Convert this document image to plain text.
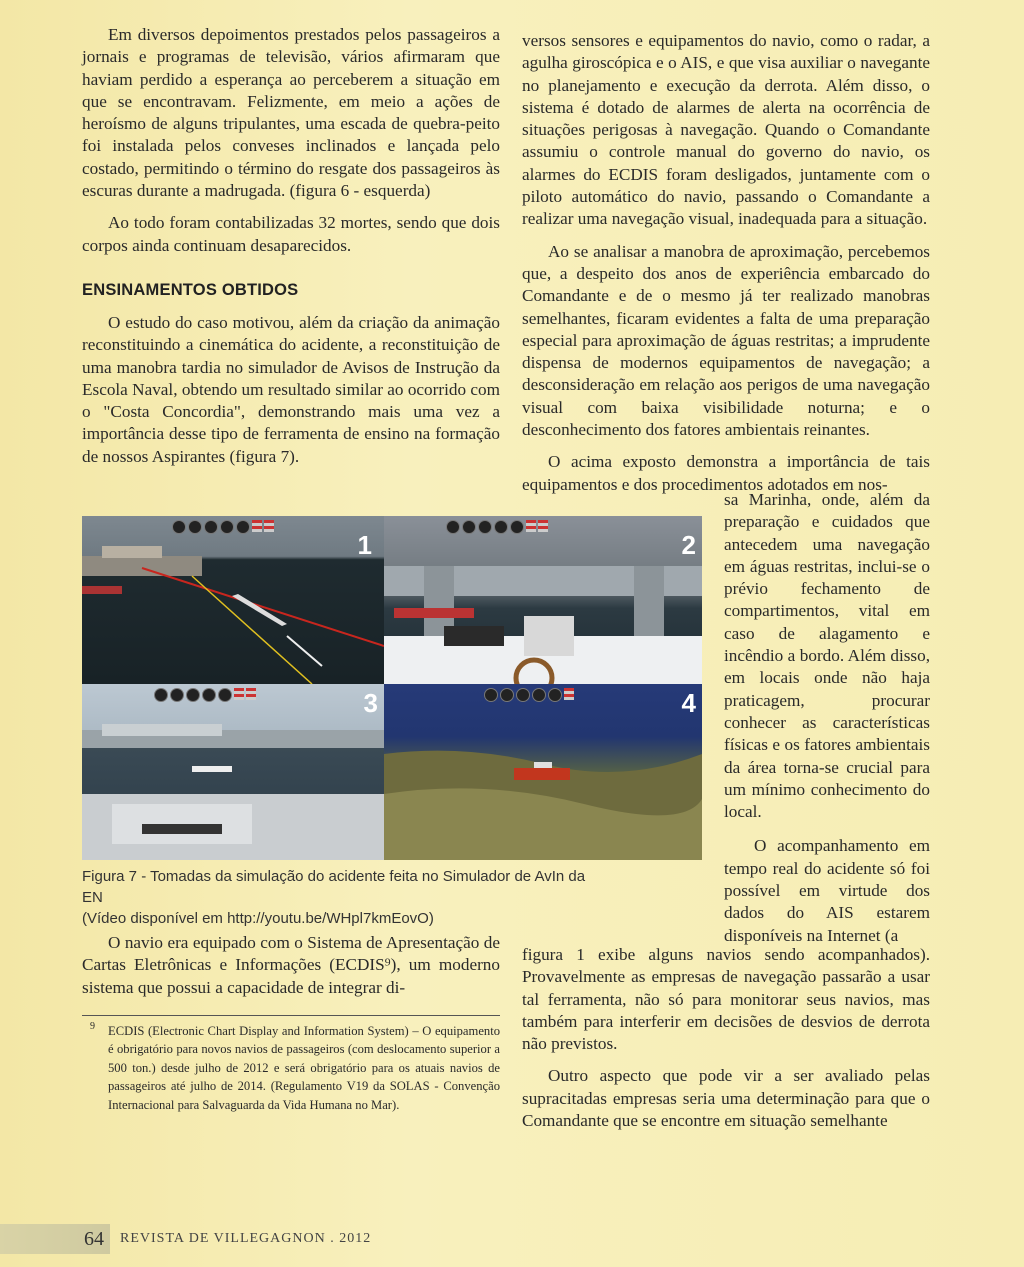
Em diversos depoimentos prestados pelos passageiros a jornais e programas de televisão, vários afirmaram que haviam perdido a esperança ao perceberem a situação em que se encontravam. Felizmente, em meio a ações de heroísmo de alguns tripulantes, uma escada de quebra-peito foi instalada pelos conveses inclinados e lançada pelo costado, permitindo o término do resgate dos passageiros às escuras durante a madrugada. (figura 6 - esquerda)

Ao todo foram contabilizadas 32 mortes, sendo que dois corpos ainda continuam desaparecidos.

ENSINAMENTOS OBTIDOS

O estudo do caso motivou, além da criação da animação reconstituindo a cinemática do acidente, a reconstituição de uma manobra tardia no simulador de Avisos de Instrução da Escola Naval, obtendo um resultado similar ao ocorrido com o "Costa Concordia", demonstrando mais uma vez a importância desse tipo de ferramenta de ensino na formação de nossos Aspirantes (figura 7).

versos sensores e equipamentos do navio, como o radar, a agulha giroscópica e o AIS, e que visa auxiliar o navegante no planejamento e execução da derrota. Além disso, o sistema é dotado de alarmes de alerta na ocorrência de situações perigosas à navegação. Quando o Comandante assumiu o controle manual do governo do navio, os alarmes do ECDIS foram desligados, juntamente com o piloto automático do navio, passando o Comandante a realizar uma navegação visual, inadequada para a situação.

Ao se analisar a manobra de aproximação, percebemos que, a despeito dos anos de experiência embarcado do Comandante e de o mesmo já ter realizado manobras semelhantes, ficaram evidentes a falta de uma preparação especial para aproximação de águas restritas; a imprudente dispensa de modernos equipamentos de navegação; a desconsideração em relação aos perigos de uma navegação visual com baixa visibilidade noturna; e o desconhecimento dos fatores ambientais reinantes.

O acima exposto demonstra a importância de tais equipamentos e dos procedimentos adotados em nos-

sa Marinha, onde, além da preparação e cuidados que antecedem uma navegação em águas restritas, inclui-se o prévio fechamento de compartimentos, vital em caso de alagamento e incêndio a bordo. Além disso, em locais onde não haja praticagem, procurar conhecer as características físicas e os fatores ambientais da área torna-se crucial para um mínimo conhecimento do local.

O acompanhamento em tempo real do acidente só foi possível em virtude dos dados do AIS estarem disponíveis na Internet (a

1	2
3	4
Figura 7 - Tomadas da simulação do acidente feita no Simulador de AvIn da EN
(Vídeo disponível em http://youtu.be/WHpl7kmEovO)

O navio era equipado com o Sistema de Apresentação de Cartas Eletrônicas e Informações (ECDIS⁹), um moderno sistema que possui a capacidade de integrar di-

9 ECDIS (Electronic Chart Display and Information System) – O equipamento é obrigatório para novos navios de passageiros (com deslocamento superior a 500 ton.) desde julho de 2012 e será obrigatório para os atuais navios de passageiros até julho de 2014. (Regulamento V19 da SOLAS - Convenção Internacional para Salvaguarda da Vida Humana no Mar).

figura 1 exibe alguns navios sendo acompanhados). Provavelmente as empresas de navegação passarão a usar tal ferramenta, não só para monitorar seus navios, mas também para interferir em decisões de desvios de derrota não previstos.

Outro aspecto que pode vir a ser avaliado pelas supracitadas empresas seria uma determinação para que o Comandante que se encontre em situação semelhante

64	REVISTA DE VILLEGAGNON . 2012
